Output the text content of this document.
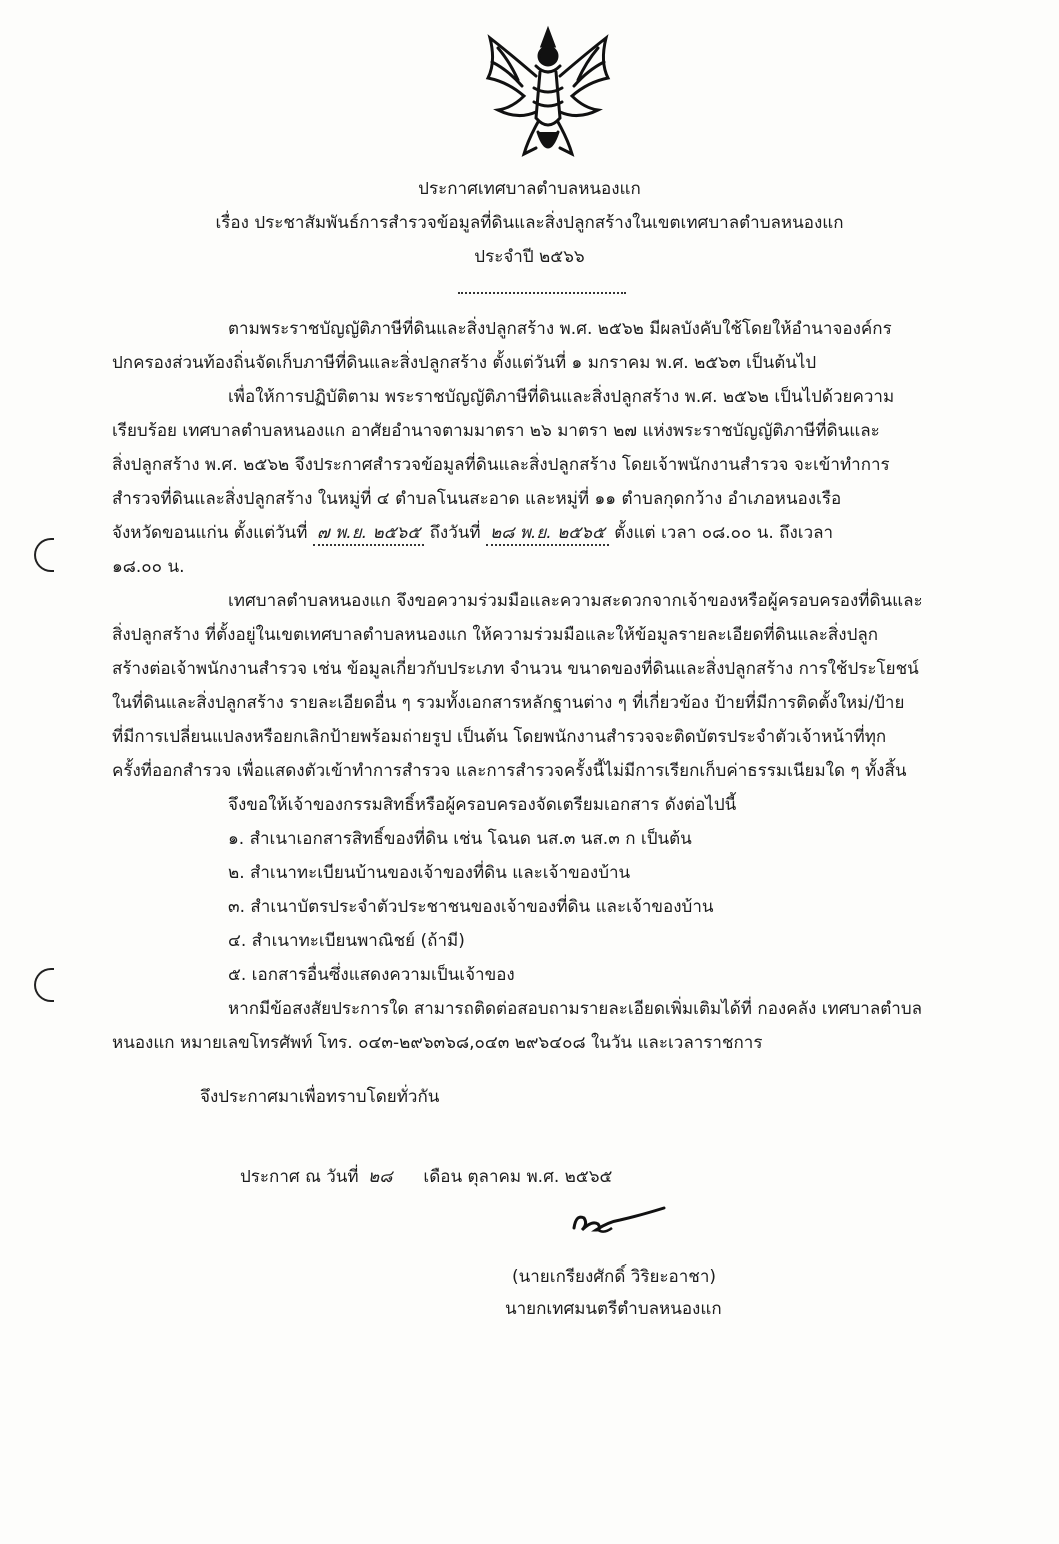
ประกาศเทศบาลตำบลหนองแก
เรื่อง ประชาสัมพันธ์การสำรวจข้อมูลที่ดินและสิ่งปลูกสร้างในเขตเทศบาลตำบลหนองแก
ประจำปี ๒๕๖๖
ตามพระราชบัญญัติภาษีที่ดินและสิ่งปลูกสร้าง พ.ศ. ๒๕๖๒ มีผลบังคับใช้โดยให้อำนาจองค์กร
ปกครองส่วนท้องถิ่นจัดเก็บภาษีที่ดินและสิ่งปลูกสร้าง ตั้งแต่วันที่ ๑ มกราคม พ.ศ. ๒๕๖๓ เป็นต้นไป
เพื่อให้การปฏิบัติตาม พระราชบัญญัติภาษีที่ดินและสิ่งปลูกสร้าง พ.ศ. ๒๕๖๒ เป็นไปด้วยความ
เรียบร้อย เทศบาลตำบลหนองแก อาศัยอำนาจตามมาตรา ๒๖ มาตรา ๒๗ แห่งพระราชบัญญัติภาษีที่ดินและ
สิ่งปลูกสร้าง พ.ศ. ๒๕๖๒ จึงประกาศสำรวจข้อมูลที่ดินและสิ่งปลูกสร้าง โดยเจ้าพนักงานสำรวจ จะเข้าทำการ
สำรวจที่ดินและสิ่งปลูกสร้าง ในหมู่ที่ ๔ ตำบลโนนสะอาด และหมู่ที่ ๑๑ ตำบลกุดกว้าง อำเภอหนองเรือ
จังหวัดขอนแก่น ตั้งแต่วันที่ ๗ พ.ย. ๒๕๖๕ ถึงวันที่ ๒๘ พ.ย. ๒๕๖๕ ตั้งแต่ เวลา ๐๘.๐๐ น. ถึงเวลา
๑๘.๐๐ น.
เทศบาลตำบลหนองแก จึงขอความร่วมมือและความสะดวกจากเจ้าของหรือผู้ครอบครองที่ดินและ
สิ่งปลูกสร้าง ที่ตั้งอยู่ในเขตเทศบาลตำบลหนองแก ให้ความร่วมมือและให้ข้อมูลรายละเอียดที่ดินและสิ่งปลูก
สร้างต่อเจ้าพนักงานสำรวจ เช่น ข้อมูลเกี่ยวกับประเภท จำนวน ขนาดของที่ดินและสิ่งปลูกสร้าง การใช้ประโยชน์
ในที่ดินและสิ่งปลูกสร้าง รายละเอียดอื่น ๆ รวมทั้งเอกสารหลักฐานต่าง ๆ ที่เกี่ยวข้อง ป้ายที่มีการติดตั้งใหม่/ป้าย
ที่มีการเปลี่ยนแปลงหรือยกเลิกป้ายพร้อมถ่ายรูป เป็นต้น โดยพนักงานสำรวจจะติดบัตรประจำตัวเจ้าหน้าที่ทุก
ครั้งที่ออกสำรวจ เพื่อแสดงตัวเข้าทำการสำรวจ และการสำรวจครั้งนี้ไม่มีการเรียกเก็บค่าธรรมเนียมใด ๆ ทั้งสิ้น
จึงขอให้เจ้าของกรรมสิทธิ์หรือผู้ครอบครองจัดเตรียมเอกสาร ดังต่อไปนี้
๑. สำเนาเอกสารสิทธิ์ของที่ดิน เช่น โฉนด นส.๓ นส.๓ ก เป็นต้น
๒. สำเนาทะเบียนบ้านของเจ้าของที่ดิน และเจ้าของบ้าน
๓. สำเนาบัตรประจำตัวประชาชนของเจ้าของที่ดิน และเจ้าของบ้าน
๔. สำเนาทะเบียนพาณิชย์ (ถ้ามี)
๕. เอกสารอื่นซึ่งแสดงความเป็นเจ้าของ
หากมีข้อสงสัยประการใด สามารถติดต่อสอบถามรายละเอียดเพิ่มเติมได้ที่ กองคลัง เทศบาลตำบล
หนองแก หมายเลขโทรศัพท์ โทร. ๐๔๓-๒๙๖๓๖๘,๐๔๓ ๒๙๖๔๐๘ ในวัน และเวลาราชการ
จึงประกาศมาเพื่อทราบโดยทั่วกัน
ประกาศ ณ วันที่ ๒๘ เดือน ตุลาคม พ.ศ. ๒๕๖๕
(นายเกรียงศักดิ์ วิริยะอาชา)
นายกเทศมนตรีตำบลหนองแก
